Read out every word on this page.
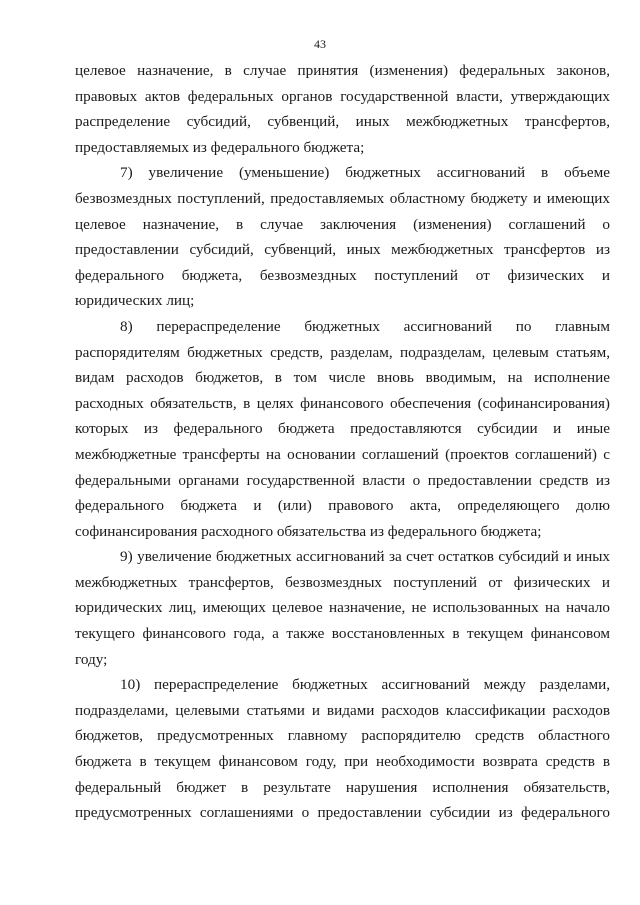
43

целевое назначение, в случае принятия (изменения) федеральных законов, правовых актов федеральных органов государственной власти, утверждающих распределение субсидий, субвенций, иных межбюджетных трансфертов, предоставляемых из федерального бюджета;

7) увеличение (уменьшение) бюджетных ассигнований в объеме безвозмездных поступлений, предоставляемых областному бюджету и имеющих целевое назначение, в случае заключения (изменения) соглашений о предоставлении субсидий, субвенций, иных межбюджетных трансфертов из федерального бюджета, безвозмездных поступлений от физических и юридических лиц;

8) перераспределение бюджетных ассигнований по главным распорядителям бюджетных средств, разделам, подразделам, целевым статьям, видам расходов бюджетов, в том числе вновь вводимым, на исполнение расходных обязательств, в целях финансового обеспечения (софинансирования) которых из федерального бюджета предоставляются субсидии и иные межбюджетные трансферты на основании соглашений (проектов соглашений) с федеральными органами государственной власти о предоставлении средств из федерального бюджета и (или) правового акта, определяющего долю софинансирования расходного обязательства из федерального бюджета;

9) увеличение бюджетных ассигнований за счет остатков субсидий и иных межбюджетных трансфертов, безвозмездных поступлений от физических и юридических лиц, имеющих целевое назначение, не использованных на начало текущего финансового года, а также восстановленных в текущем финансовом году;

10) перераспределение бюджетных ассигнований между разделами, подразделами, целевыми статьями и видами расходов классификации расходов бюджетов, предусмотренных главному распорядителю средств областного бюджета в текущем финансовом году, при необходимости возврата средств в федеральный бюджет в результате нарушения исполнения обязательств, предусмотренных соглашениями о предоставлении субсидии из федерального
